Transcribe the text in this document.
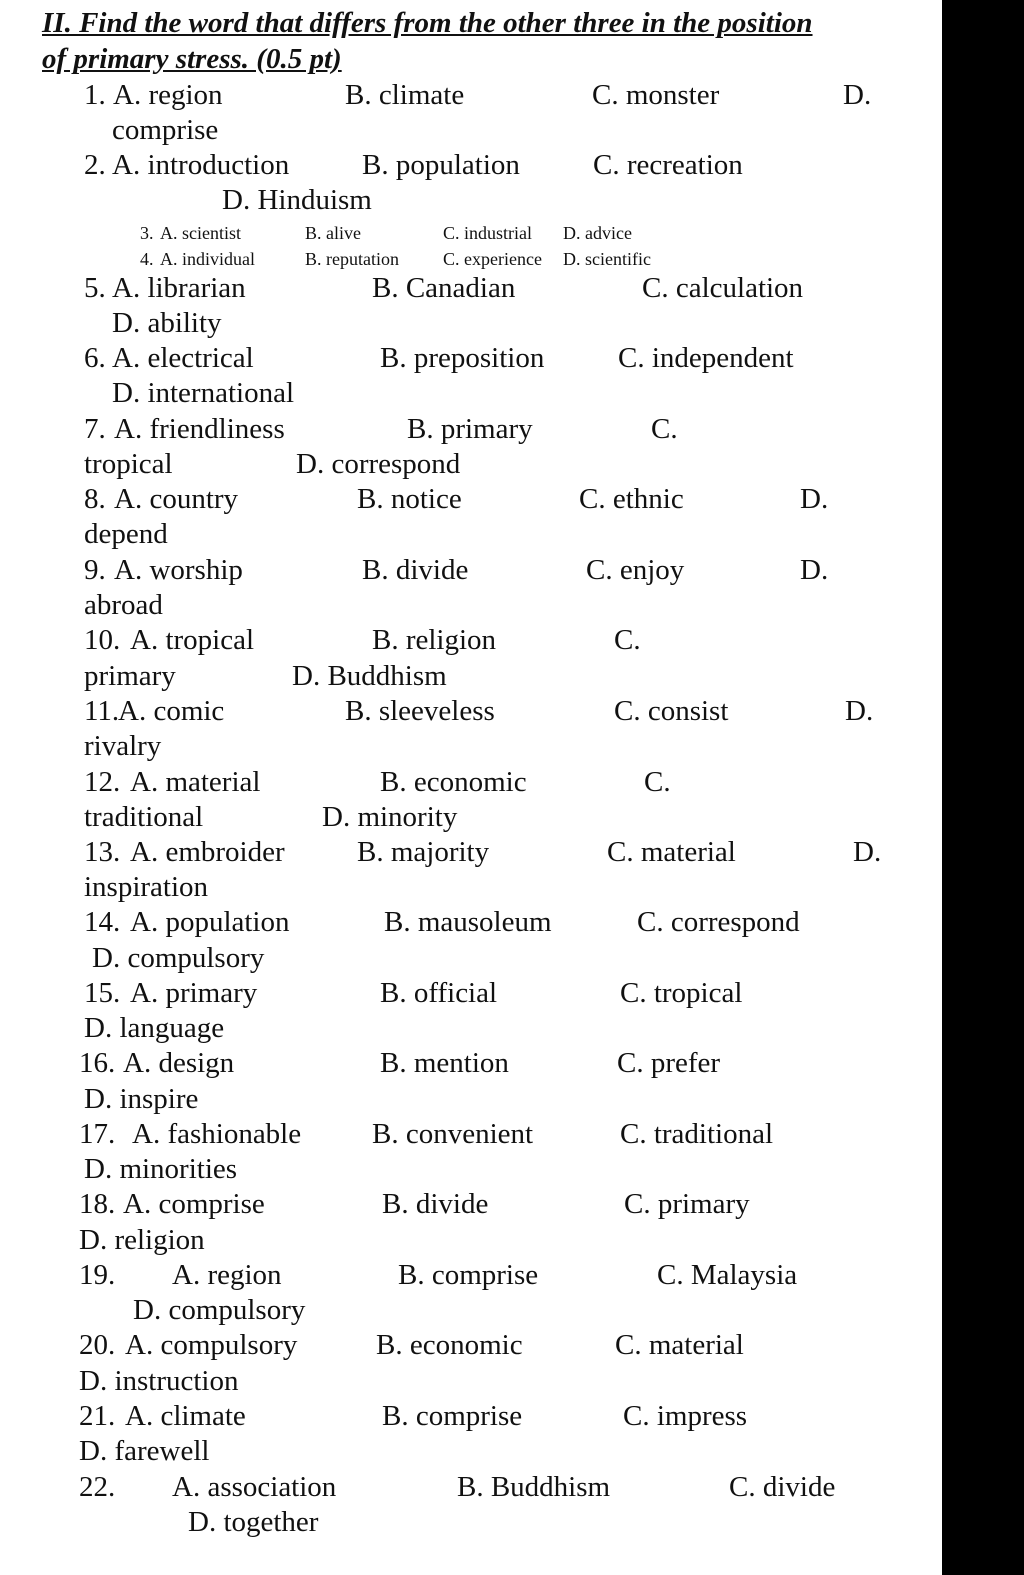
II. Find the word that differs from the other three in the position
of primary stress. (0.5 pt)
1. A. region	B. climate	C. monster	D.
comprise
2. A. introduction	B. population	C. recreation
D. Hinduism
3. A. scientist	B. alive	C. industrial D. advice
4. A. individual	B. reputation C. experience D. scientific
5. A. librarian	B. Canadian	C. calculation
D. ability
6. A. electrical	B. preposition	C. independent
D. international
7. A. friendliness	B. primary	C.
tropical	D. correspond
8. A. country	B. notice	C. ethnic	D.
depend
9. A. worship	B. divide	C. enjoy	D.
abroad
10. A. tropical	B. religion	C.
primary	D. Buddhism
11.
A. comic	B. sleeveless	C. consist	D.
rivalry
12. A. material	B. economic	C.
traditional	D. minority
13. A. embroider B. majority	C. material	D.
inspiration
14. A. population	B. mausoleum	C. correspond
D. compulsory
15. A. primary	B. official	C. tropical
D. language
16. A. design	B. mention	C. prefer
D. inspire
17. A. fashionable B. convenient	C. traditional
D. minorities
18. A. comprise	B. divide	C. primary
D. religion
19. A. region	B. comprise	C. Malaysia
D. compulsory
20. A. compulsory	B. economic	C. material
D. instruction
21. A. climate	B. comprise	C. impress
D. farewell
22. A. association	B. Buddhism	C. divide
D. together
